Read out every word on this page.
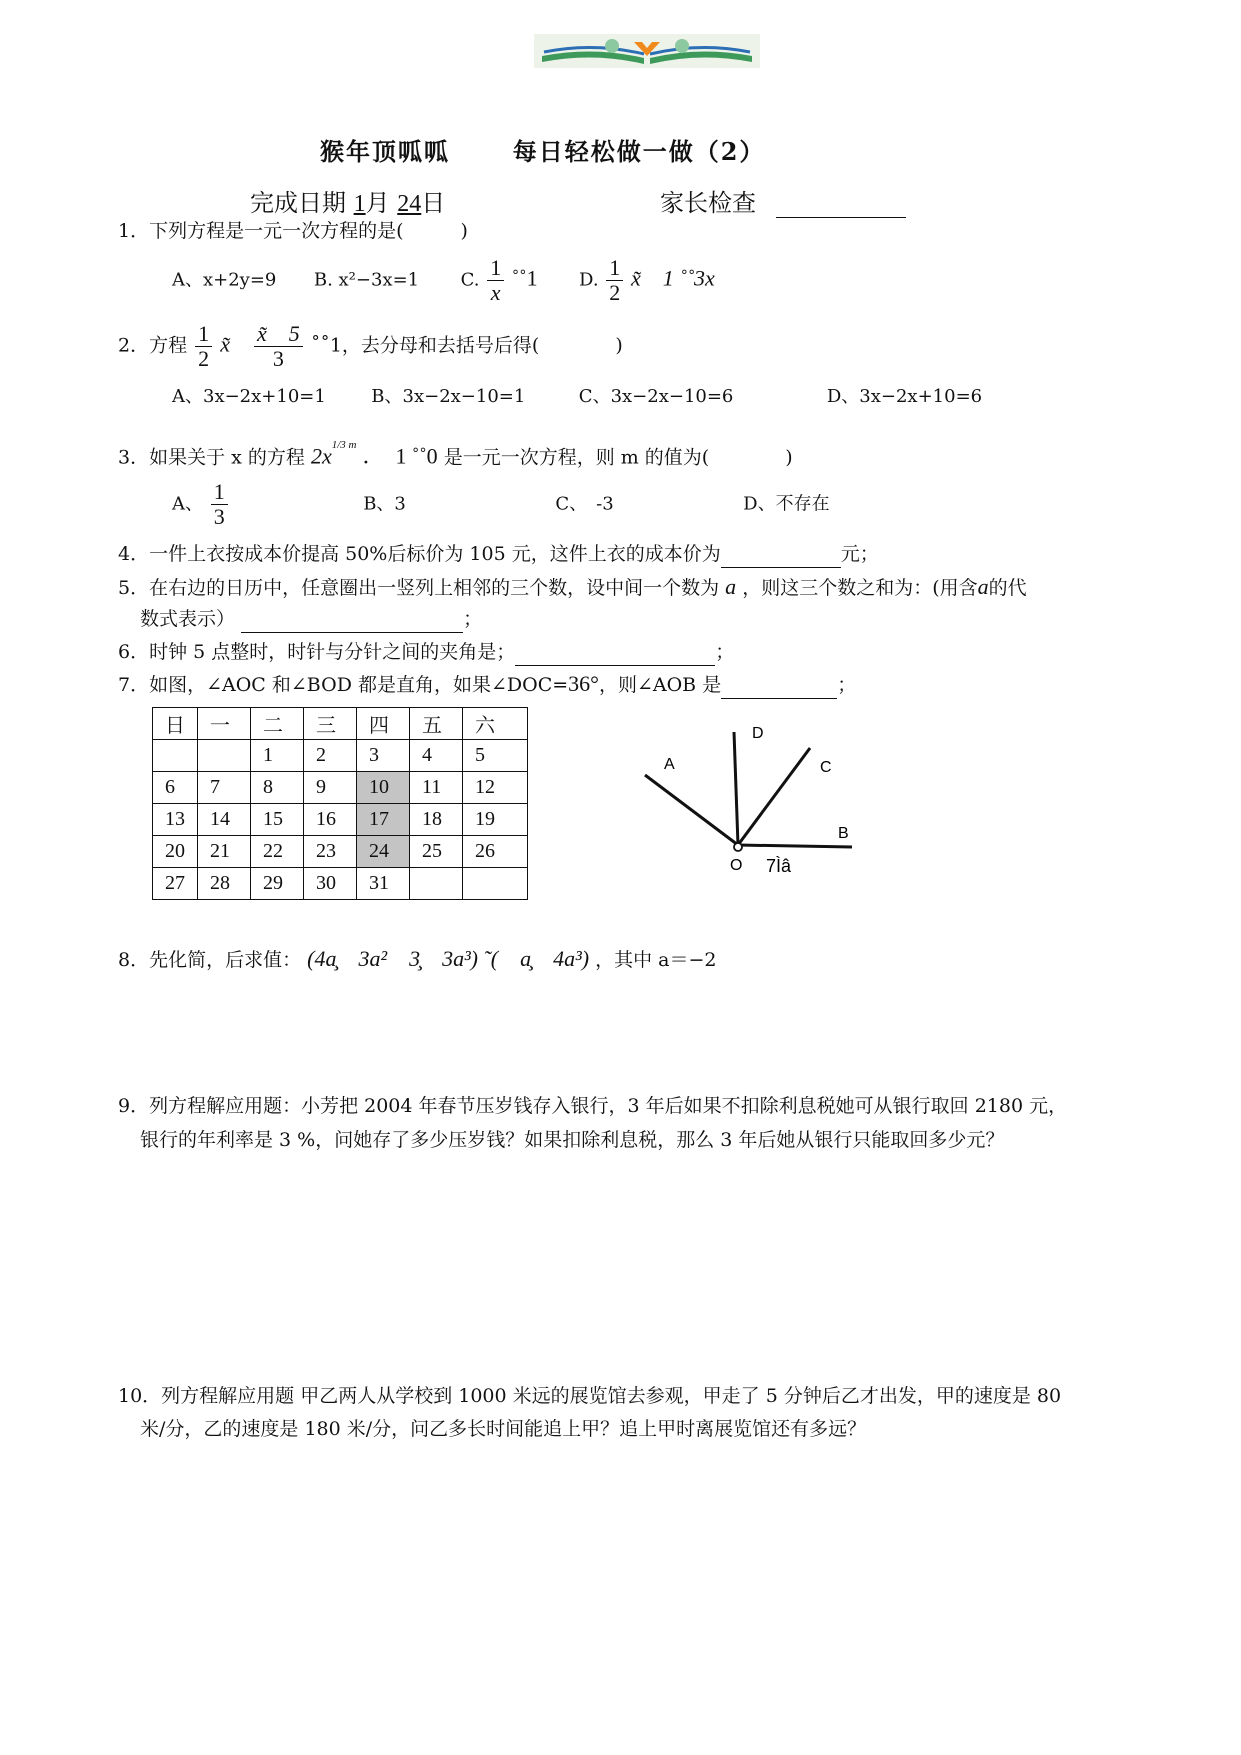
猴年顶呱呱	每日轻松做一做（2）
完成日期 1月 24日	家长检查
1．下列方程是一元一次方程的是(　　　)
A、x+2y=9 B. x²−3x=1 C. $\frac{1}{x}$ ˚˚1 D. $\frac{1}{2}$ x̃　1 ˚˚3x
2．方程 $\frac{1}{2}$ x̃ $\frac{x̃ 5}{3}$ ˚˚1，去分母和去括号后得(　　　　)
A、3x−2x+10=1	B、3x−2x−10=1	C、3x−2x−10=6	D、3x−2x+10=6
3．如果关于 x 的方程 $2x^{1/3 m}$ ．　1 ˚˚0 是一元一次方程，则 m 的值为(　　　　)
A、 $\frac{1}{3}$	B、3	C、　-3	D、不存在
4．一件上衣按成本价提高 50%后标价为 105 元，这件上衣的成本价为	元；
5．在右边的日历中，任意圈出一竖列上相邻的三个数，设中间一个数为 a ，则这三个数之和为：(用含a的代
数式表示）	；
6．时钟 5 点整时，时针与分针之间的夹角是；	；
7．如图，∠AOC 和∠BOD 都是直角，如果∠DOC=36°，则∠AOB 是	；
日	一	二	三	四	五	六
		1	2	3	4	5
6	7	8	9	10	11	12
13	14	15	16	17	18	19
20	21	22	23	24	25	26
27	28	29	30	31		
A
D
C
B
O 7Ìâ
8．先化简，后求值： (4a̧　3a²　3̧　3a³) ˜(　a̧　4a³) ，其中 a＝−2
9．列方程解应用题：小芳把 2004 年春节压岁钱存入银行，3 年后如果不扣除利息税她可从银行取回 2180 元，
银行的年利率是 3 %，问她存了多少压岁钱？如果扣除利息税，那么 3 年后她从银行只能取回多少元？
10．列方程解应用题 甲乙两人从学校到 1000 米远的展览馆去参观，甲走了 5 分钟后乙才出发，甲的速度是 80
米/分，乙的速度是 180 米/分，问乙多长时间能追上甲？追上甲时离展览馆还有多远？
